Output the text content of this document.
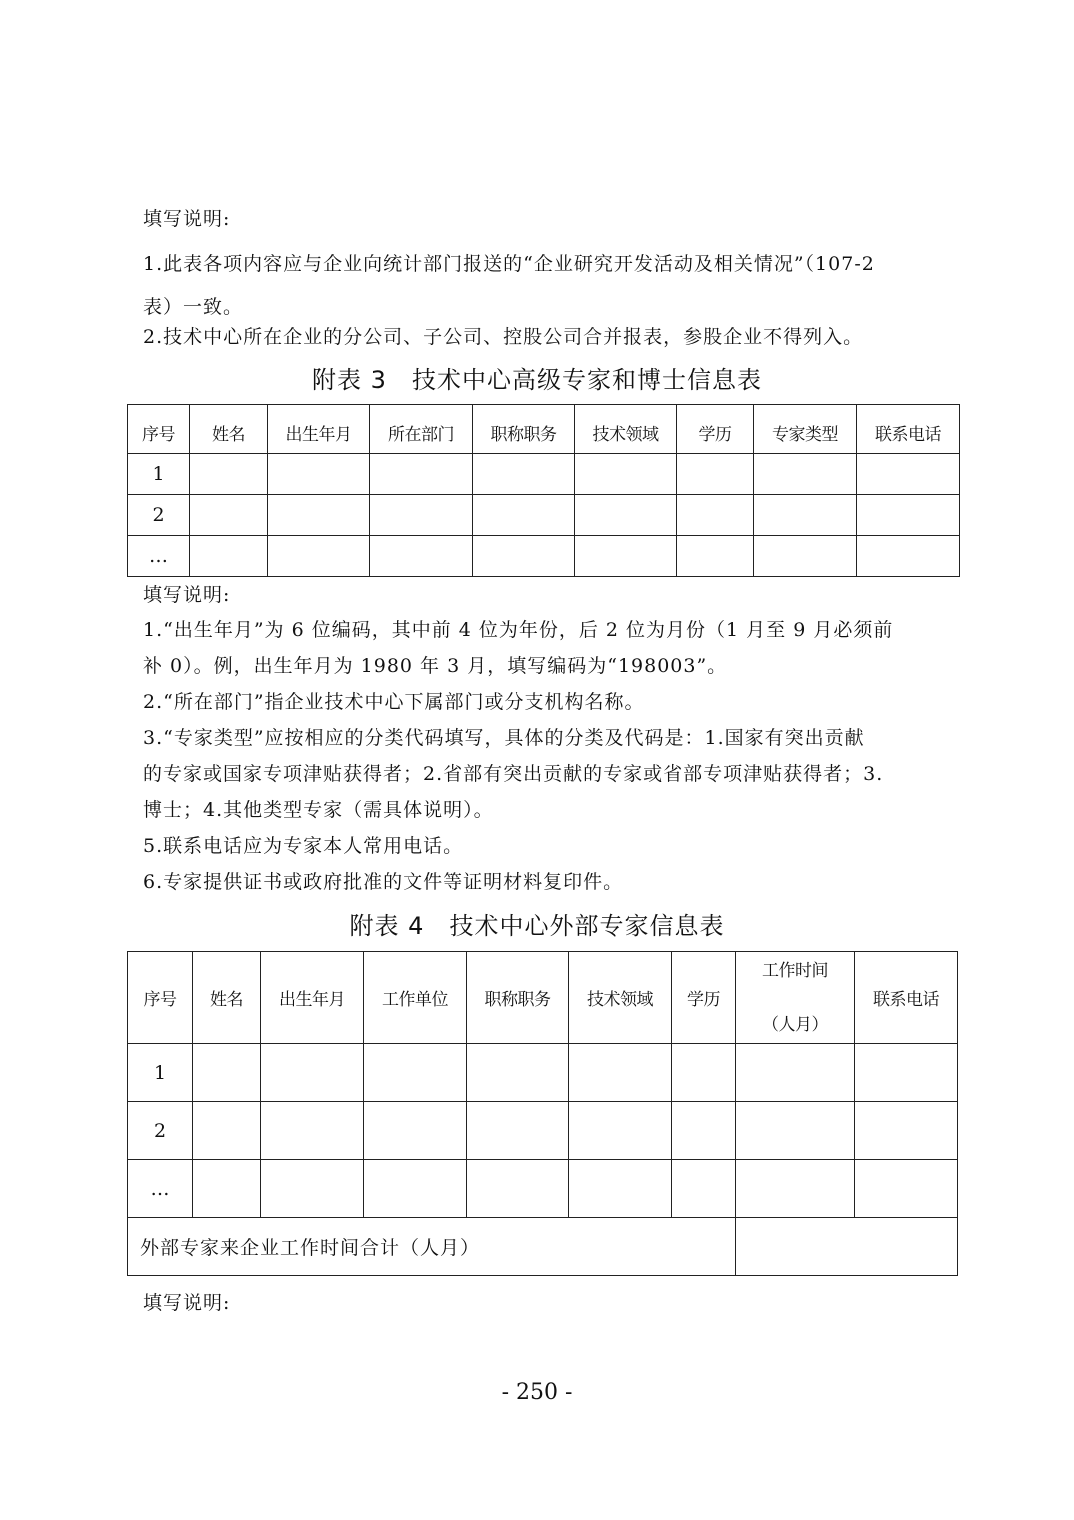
填写说明:
1.此表各项内容应与企业向统计部门报送的“企业研究开发活动及相关情况”（107-2
表）一致。
2.技术中心所在企业的分公司、子公司、控股公司合并报表，参股企业不得列入。
附表 3　技术中心高级专家和博士信息表
序号	姓名	出生年月	所在部门	职称职务	技术领域	学历	专家类型	联系电话
1								
2								
…								
填写说明:
1.“出生年月”为 6 位编码，其中前 4 位为年份，后 2 位为月份（1 月至 9 月必须前
补 0）。例，出生年月为 1980 年 3 月，填写编码为“198003”。
2.“所在部门”指企业技术中心下属部门或分支机构名称。
3.“专家类型”应按相应的分类代码填写，具体的分类及代码是：1.国家有突出贡献
的专家或国家专项津贴获得者；2.省部有突出贡献的专家或省部专项津贴获得者；3.
博士；4.其他类型专家（需具体说明）。
5.联系电话应为专家本人常用电话。
6.专家提供证书或政府批准的文件等证明材料复印件。
附表 4　技术中心外部专家信息表
序号	姓名	出生年月	工作单位	职称职务	技术领域	学历	工作时间
（人月）	联系电话
1								
2								
…								
外部专家来企业工作时间合计（人月）								
填写说明:
- 250 -
